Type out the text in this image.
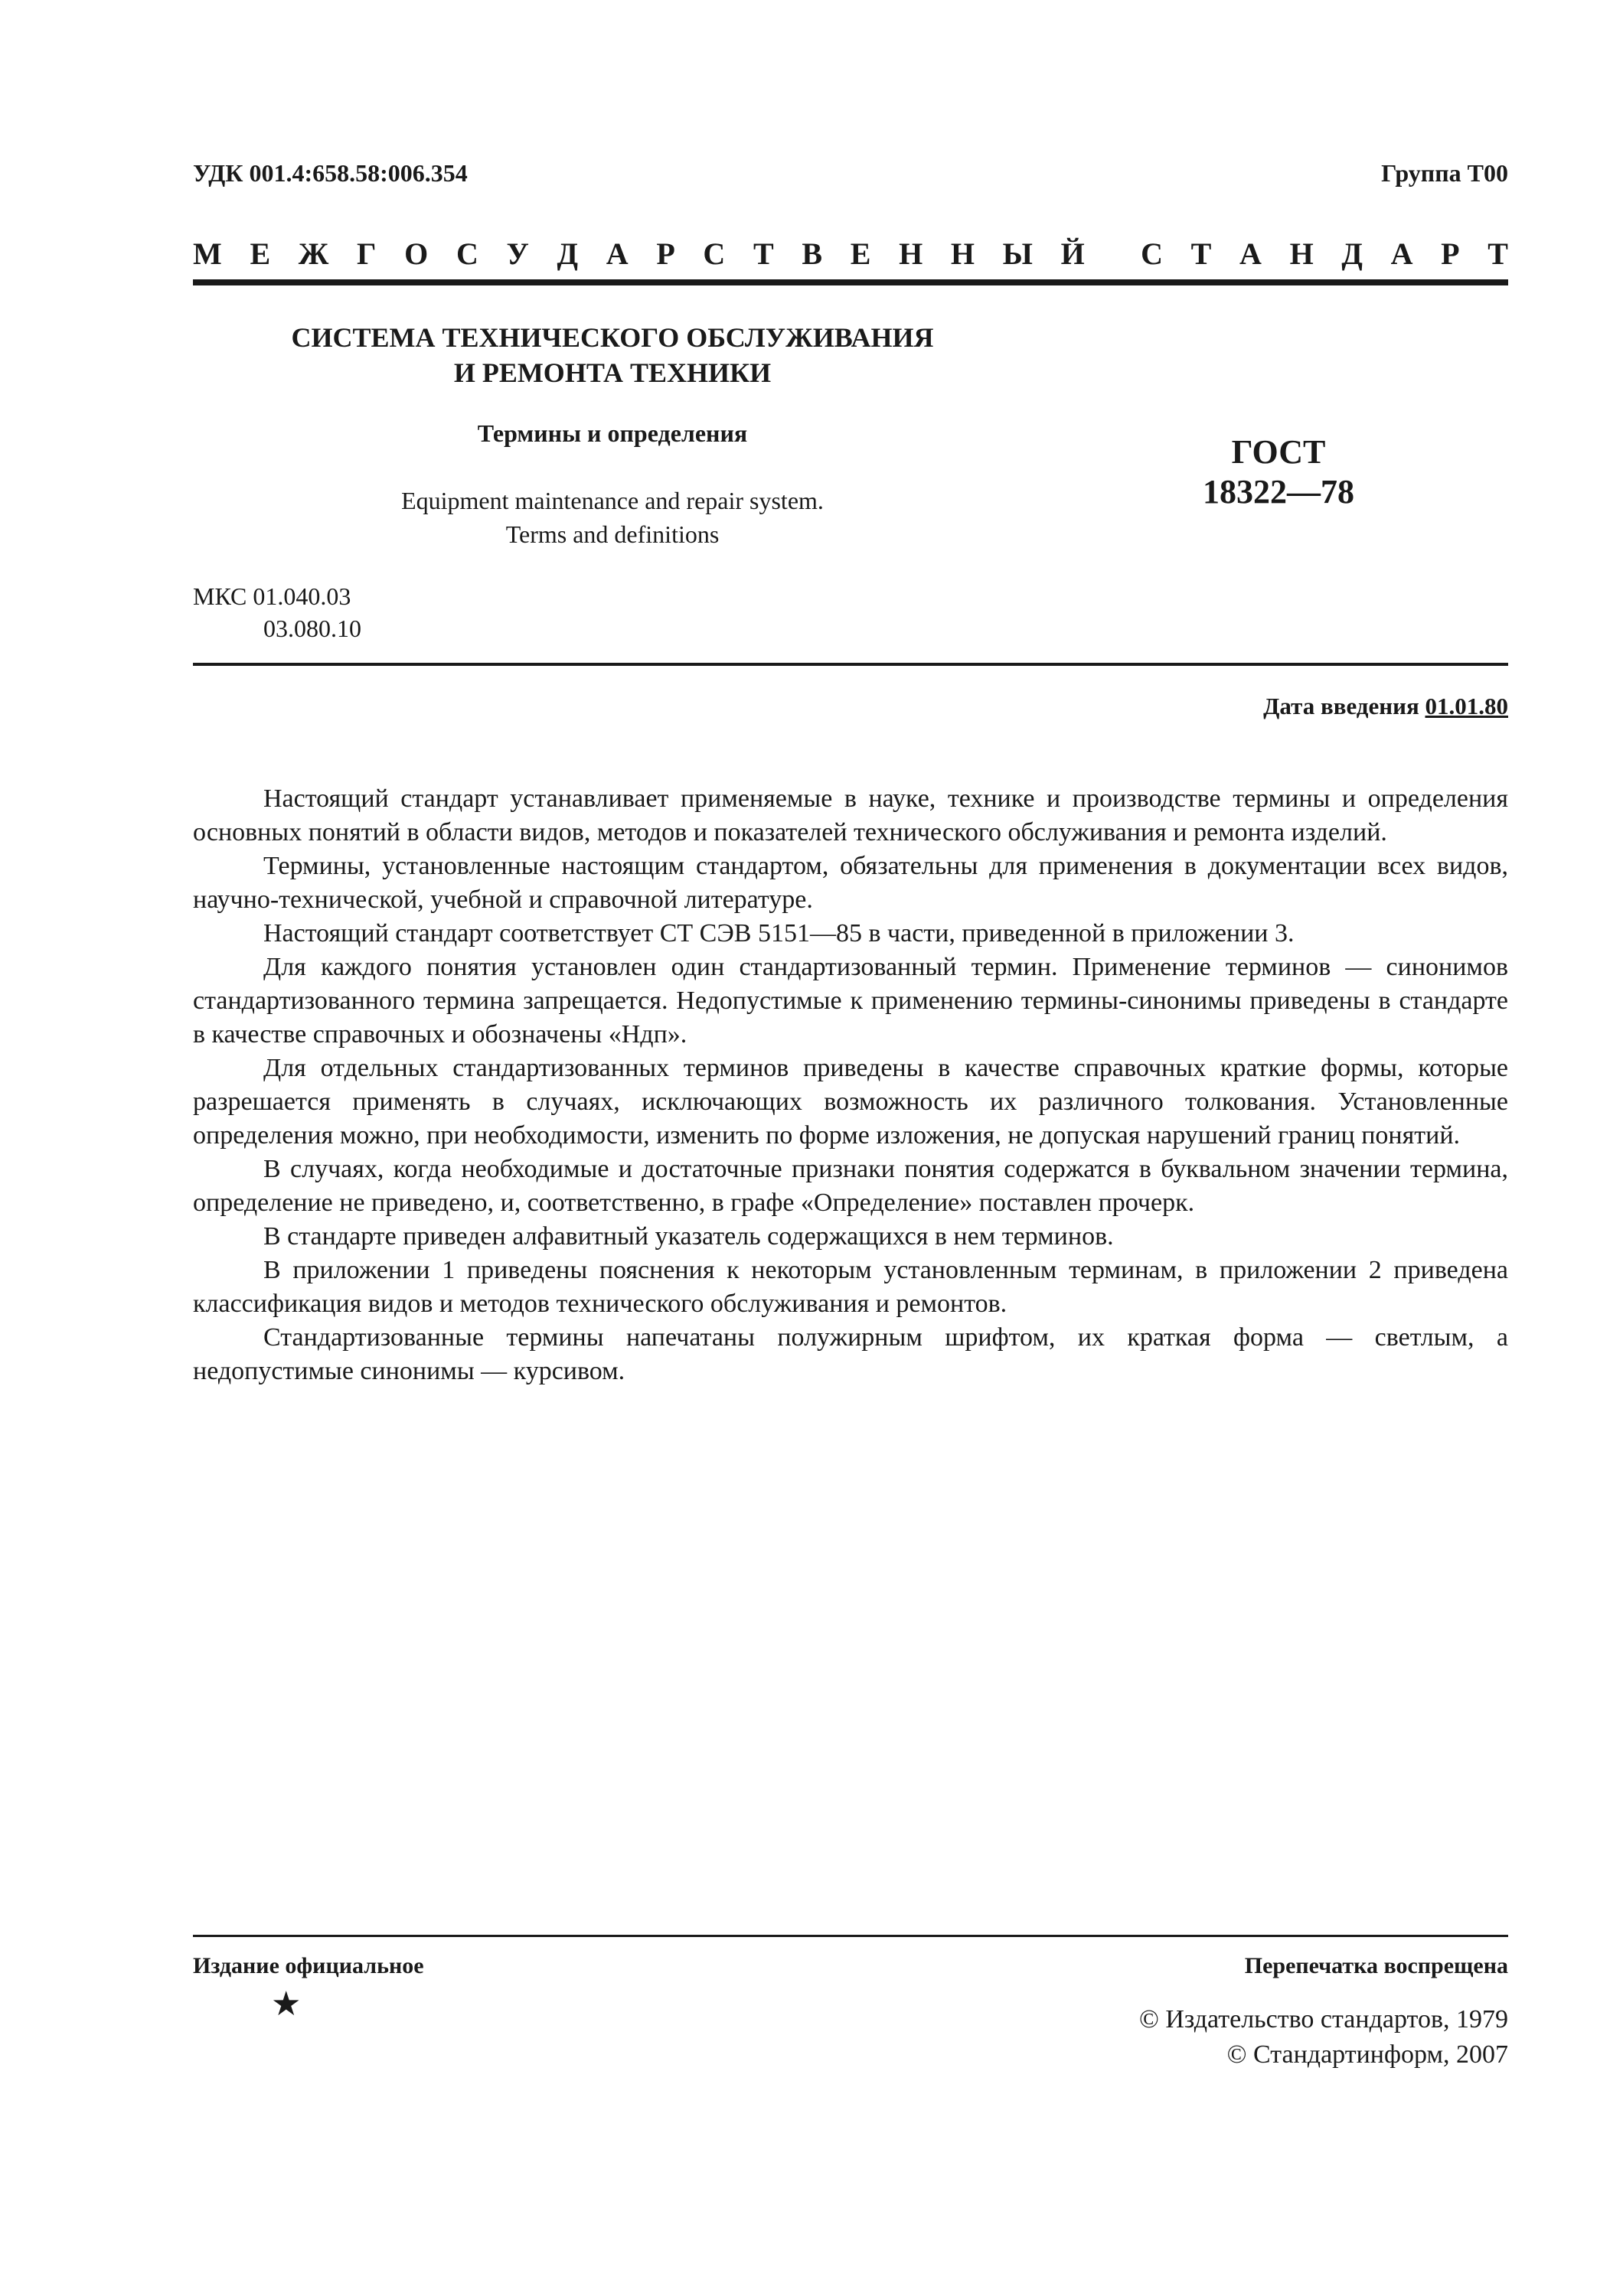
УДК 001.4:658.58:006.354	Группа Т00
М Е Ж Г О С У Д А Р С Т В Е Н Н Ы Й С Т А Н Д А Р Т
СИСТЕМА ТЕХНИЧЕСКОГО ОБСЛУЖИВАНИЯ
И РЕМОНТА ТЕХНИКИ
Термины и определения
Equipment maintenance and repair system.
Terms and definitions
ГОСТ
18322—78
МКС 01.040.03
03.080.10
Дата введения 01.01.80

Настоящий стандарт устанавливает применяемые в науке, технике и производстве термины и определения основных понятий в области видов, методов и показателей технического обслуживания и ремонта изделий.

Термины, установленные настоящим стандартом, обязательны для применения в документации всех видов, научно-технической, учебной и справочной литературе.

Настоящий стандарт соответствует СТ СЭВ 5151—85 в части, приведенной в приложении 3.

Для каждого понятия установлен один стандартизованный термин. Применение терминов — синонимов стандартизованного термина запрещается. Недопустимые к применению термины-синонимы приведены в стандарте в качестве справочных и обозначены «Ндп».

Для отдельных стандартизованных терминов приведены в качестве справочных краткие формы, которые разрешается применять в случаях, исключающих возможность их различного толкования. Установленные определения можно, при необходимости, изменить по форме изложения, не допуская нарушений границ понятий.

В случаях, когда необходимые и достаточные признаки понятия содержатся в буквальном значении термина, определение не приведено, и, соответственно, в графе «Определение» поставлен прочерк.

В стандарте приведен алфавитный указатель содержащихся в нем терминов.

В приложении 1 приведены пояснения к некоторым установленным терминам, в приложении 2 приведена классификация видов и методов технического обслуживания и ремонтов.

Стандартизованные термины напечатаны полужирным шрифтом, их краткая форма — светлым, а недопустимые синонимы — курсивом.

Издание официальное	Перепечатка воспрещена
★	© Издательство стандартов, 1979
© Стандартинформ, 2007
